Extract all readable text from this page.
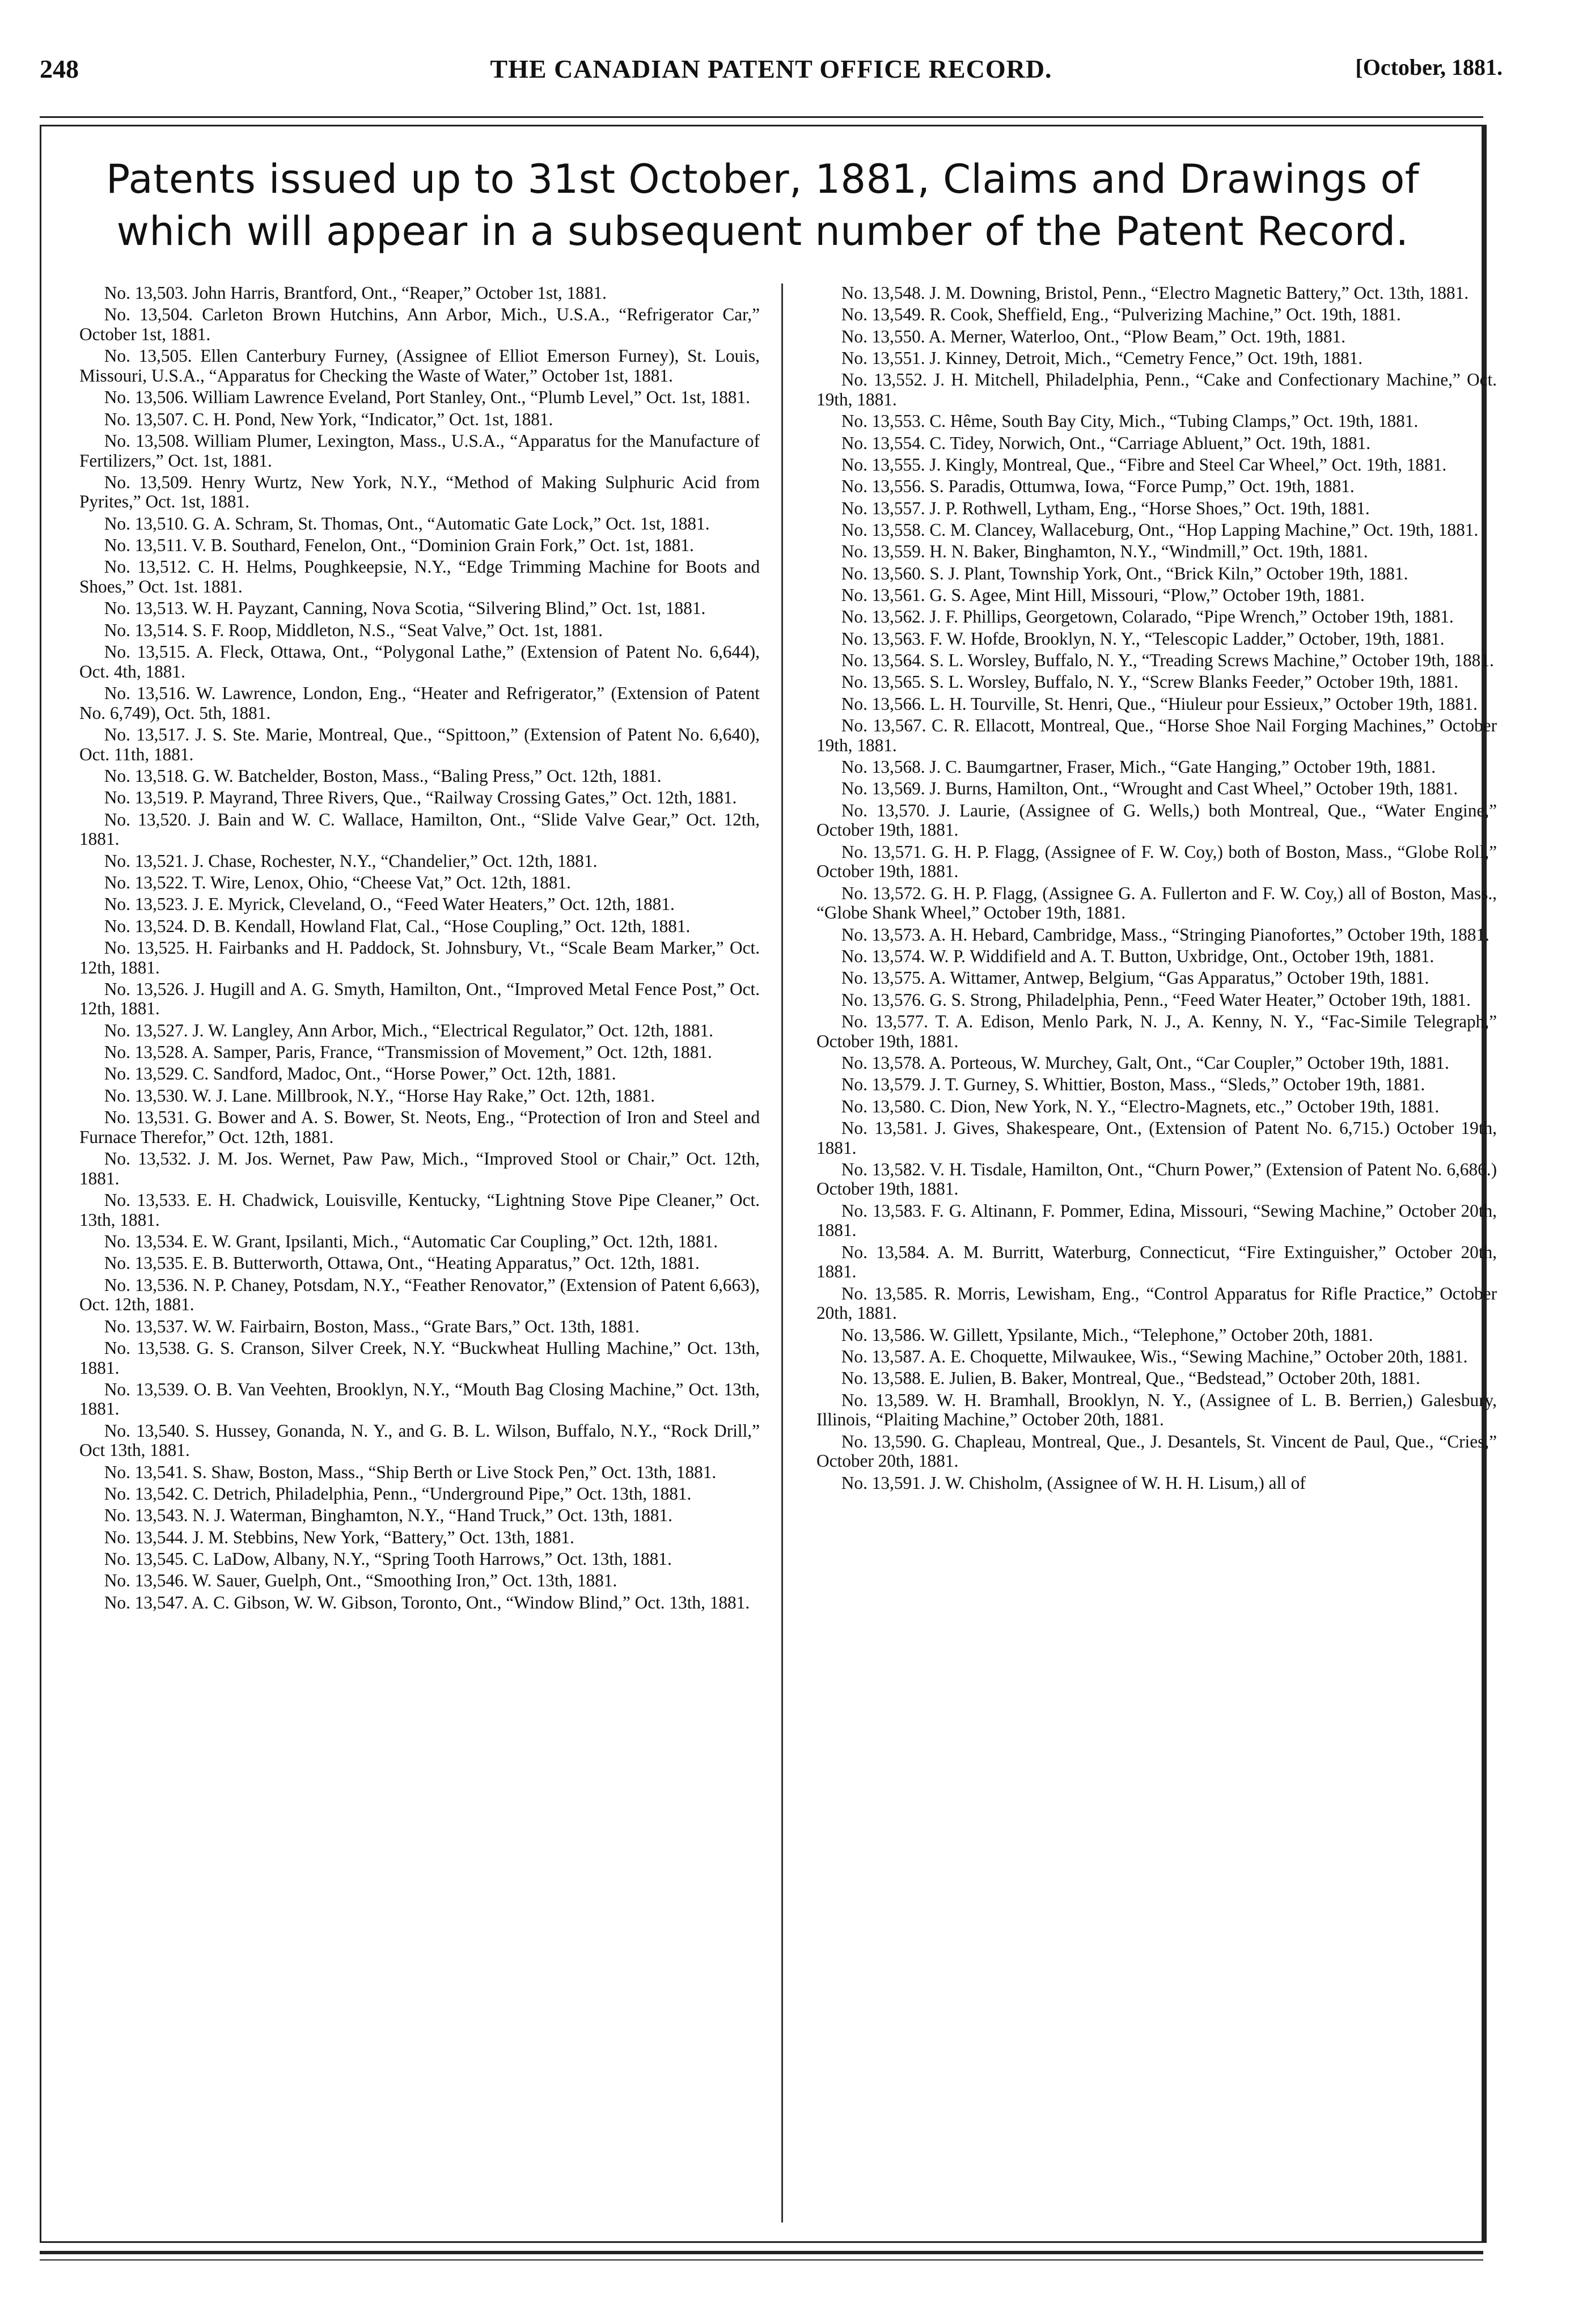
248	THE CANADIAN PATENT OFFICE RECORD.	[October, 1881.
Patents issued up to 31st October, 1881, Claims and Drawings of
which will appear in a subsequent number of the Patent Record.

No. 13,503. John Harris, Brantford, Ont., “Reaper,” October 1st, 1881.

No. 13,504. Carleton Brown Hutchins, Ann Arbor, Mich., U.S.A., “Refrigerator Car,” October 1st, 1881.

No. 13,505. Ellen Canterbury Furney, (Assignee of Elliot Emerson Furney), St. Louis, Missouri, U.S.A., “Apparatus for Checking the Waste of Water,” October 1st, 1881.

No. 13,506. William Lawrence Eveland, Port Stanley, Ont., “Plumb Level,” Oct. 1st, 1881.

No. 13,507. C. H. Pond, New York, “Indicator,” Oct. 1st, 1881.

No. 13,508. William Plumer, Lexington, Mass., U.S.A., “Apparatus for the Manufacture of Fertilizers,” Oct. 1st, 1881.

No. 13,509. Henry Wurtz, New York, N.Y., “Method of Making Sulphuric Acid from Pyrites,” Oct. 1st, 1881.

No. 13,510. G. A. Schram, St. Thomas, Ont., “Automatic Gate Lock,” Oct. 1st, 1881.

No. 13,511. V. B. Southard, Fenelon, Ont., “Dominion Grain Fork,” Oct. 1st, 1881.

No. 13,512. C. H. Helms, Poughkeepsie, N.Y., “Edge Trimming Machine for Boots and Shoes,” Oct. 1st. 1881.

No. 13,513. W. H. Payzant, Canning, Nova Scotia, “Silvering Blind,” Oct. 1st, 1881.

No. 13,514. S. F. Roop, Middleton, N.S., “Seat Valve,” Oct. 1st, 1881.

No. 13,515. A. Fleck, Ottawa, Ont., “Polygonal Lathe,” (Extension of Patent No. 6,644), Oct. 4th, 1881.

No. 13,516. W. Lawrence, London, Eng., “Heater and Refrigerator,” (Extension of Patent No. 6,749), Oct. 5th, 1881.

No. 13,517. J. S. Ste. Marie, Montreal, Que., “Spittoon,” (Extension of Patent No. 6,640), Oct. 11th, 1881.

No. 13,518. G. W. Batchelder, Boston, Mass., “Baling Press,” Oct. 12th, 1881.

No. 13,519. P. Mayrand, Three Rivers, Que., “Railway Crossing Gates,” Oct. 12th, 1881.

No. 13,520. J. Bain and W. C. Wallace, Hamilton, Ont., “Slide Valve Gear,” Oct. 12th, 1881.

No. 13,521. J. Chase, Rochester, N.Y., “Chandelier,” Oct. 12th, 1881.

No. 13,522. T. Wire, Lenox, Ohio, “Cheese Vat,” Oct. 12th, 1881.

No. 13,523. J. E. Myrick, Cleveland, O., “Feed Water Heaters,” Oct. 12th, 1881.

No. 13,524. D. B. Kendall, Howland Flat, Cal., “Hose Coupling,” Oct. 12th, 1881.

No. 13,525. H. Fairbanks and H. Paddock, St. Johnsbury, Vt., “Scale Beam Marker,” Oct. 12th, 1881.

No. 13,526. J. Hugill and A. G. Smyth, Hamilton, Ont., “Improved Metal Fence Post,” Oct. 12th, 1881.

No. 13,527. J. W. Langley, Ann Arbor, Mich., “Electrical Regulator,” Oct. 12th, 1881.

No. 13,528. A. Samper, Paris, France, “Transmission of Movement,” Oct. 12th, 1881.

No. 13,529. C. Sandford, Madoc, Ont., “Horse Power,” Oct. 12th, 1881.

No. 13,530. W. J. Lane. Millbrook, N.Y., “Horse Hay Rake,” Oct. 12th, 1881.

No. 13,531. G. Bower and A. S. Bower, St. Neots, Eng., “Protection of Iron and Steel and Furnace Therefor,” Oct. 12th, 1881.

No. 13,532. J. M. Jos. Wernet, Paw Paw, Mich., “Improved Stool or Chair,” Oct. 12th, 1881.

No. 13,533. E. H. Chadwick, Louisville, Kentucky, “Lightning Stove Pipe Cleaner,” Oct. 13th, 1881.

No. 13,534. E. W. Grant, Ipsilanti, Mich., “Automatic Car Coupling,” Oct. 12th, 1881.

No. 13,535. E. B. Butterworth, Ottawa, Ont., “Heating Apparatus,” Oct. 12th, 1881.

No. 13,536. N. P. Chaney, Potsdam, N.Y., “Feather Renovator,” (Extension of Patent 6,663), Oct. 12th, 1881.

No. 13,537. W. W. Fairbairn, Boston, Mass., “Grate Bars,” Oct. 13th, 1881.

No. 13,538. G. S. Cranson, Silver Creek, N.Y. “Buckwheat Hulling Machine,” Oct. 13th, 1881.

No. 13,539. O. B. Van Veehten, Brooklyn, N.Y., “Mouth Bag Closing Machine,” Oct. 13th, 1881.

No. 13,540. S. Hussey, Gonanda, N. Y., and G. B. L. Wilson, Buffalo, N.Y., “Rock Drill,” Oct 13th, 1881.

No. 13,541. S. Shaw, Boston, Mass., “Ship Berth or Live Stock Pen,” Oct. 13th, 1881.

No. 13,542. C. Detrich, Philadelphia, Penn., “Underground Pipe,” Oct. 13th, 1881.

No. 13,543. N. J. Waterman, Binghamton, N.Y., “Hand Truck,” Oct. 13th, 1881.

No. 13,544. J. M. Stebbins, New York, “Battery,” Oct. 13th, 1881.

No. 13,545. C. LaDow, Albany, N.Y., “Spring Tooth Harrows,” Oct. 13th, 1881.

No. 13,546. W. Sauer, Guelph, Ont., “Smoothing Iron,” Oct. 13th, 1881.

No. 13,547. A. C. Gibson, W. W. Gibson, Toronto, Ont., “Window Blind,” Oct. 13th, 1881.

No. 13,548. J. M. Downing, Bristol, Penn., “Electro Magnetic Battery,” Oct. 13th, 1881.

No. 13,549. R. Cook, Sheffield, Eng., “Pulverizing Machine,” Oct. 19th, 1881.

No. 13,550. A. Merner, Waterloo, Ont., “Plow Beam,” Oct. 19th, 1881.

No. 13,551. J. Kinney, Detroit, Mich., “Cemetry Fence,” Oct. 19th, 1881.

No. 13,552. J. H. Mitchell, Philadelphia, Penn., “Cake and Confectionary Machine,” Oct. 19th, 1881.

No. 13,553. C. Hême, South Bay City, Mich., “Tubing Clamps,” Oct. 19th, 1881.

No. 13,554. C. Tidey, Norwich, Ont., “Carriage Abluent,” Oct. 19th, 1881.

No. 13,555. J. Kingly, Montreal, Que., “Fibre and Steel Car Wheel,” Oct. 19th, 1881.

No. 13,556. S. Paradis, Ottumwa, Iowa, “Force Pump,” Oct. 19th, 1881.

No. 13,557. J. P. Rothwell, Lytham, Eng., “Horse Shoes,” Oct. 19th, 1881.

No. 13,558. C. M. Clancey, Wallaceburg, Ont., “Hop Lapping Machine,” Oct. 19th, 1881.

No. 13,559. H. N. Baker, Binghamton, N.Y., “Windmill,” Oct. 19th, 1881.

No. 13,560. S. J. Plant, Township York, Ont., “Brick Kiln,” October 19th, 1881.

No. 13,561. G. S. Agee, Mint Hill, Missouri, “Plow,” October 19th, 1881.

No. 13,562. J. F. Phillips, Georgetown, Colarado, “Pipe Wrench,” October 19th, 1881.

No. 13,563. F. W. Hofde, Brooklyn, N. Y., “Telescopic Ladder,” October, 19th, 1881.

No. 13,564. S. L. Worsley, Buffalo, N. Y., “Treading Screws Machine,” October 19th, 1881.

No. 13,565. S. L. Worsley, Buffalo, N. Y., “Screw Blanks Feeder,” October 19th, 1881.

No. 13,566. L. H. Tourville, St. Henri, Que., “Hiuleur pour Essieux,” October 19th, 1881.

No. 13,567. C. R. Ellacott, Montreal, Que., “Horse Shoe Nail Forging Machines,” October 19th, 1881.

No. 13,568. J. C. Baumgartner, Fraser, Mich., “Gate Hanging,” October 19th, 1881.

No. 13,569. J. Burns, Hamilton, Ont., “Wrought and Cast Wheel,” October 19th, 1881.

No. 13,570. J. Laurie, (Assignee of G. Wells,) both Montreal, Que., “Water Engine,” October 19th, 1881.

No. 13,571. G. H. P. Flagg, (Assignee of F. W. Coy,) both of Boston, Mass., “Globe Roll,” October 19th, 1881.

No. 13,572. G. H. P. Flagg, (Assignee G. A. Fullerton and F. W. Coy,) all of Boston, Mass., “Globe Shank Wheel,” October 19th, 1881.

No. 13,573. A. H. Hebard, Cambridge, Mass., “Stringing Pianofortes,” October 19th, 1881.

No. 13,574. W. P. Widdifield and A. T. Button, Uxbridge, Ont., October 19th, 1881.

No. 13,575. A. Wittamer, Antwep, Belgium, “Gas Apparatus,” October 19th, 1881.

No. 13,576. G. S. Strong, Philadelphia, Penn., “Feed Water Heater,” October 19th, 1881.

No. 13,577. T. A. Edison, Menlo Park, N. J., A. Kenny, N. Y., “Fac-Simile Telegraph,” October 19th, 1881.

No. 13,578. A. Porteous, W. Murchey, Galt, Ont., “Car Coupler,” October 19th, 1881.

No. 13,579. J. T. Gurney, S. Whittier, Boston, Mass., “Sleds,” October 19th, 1881.

No. 13,580. C. Dion, New York, N. Y., “Electro-Magnets, etc.,” October 19th, 1881.

No. 13,581. J. Gives, Shakespeare, Ont., (Extension of Patent No. 6,715.) October 19th, 1881.

No. 13,582. V. H. Tisdale, Hamilton, Ont., “Churn Power,” (Extension of Patent No. 6,686.) October 19th, 1881.

No. 13,583. F. G. Altinann, F. Pommer, Edina, Missouri, “Sewing Machine,” October 20th, 1881.

No. 13,584. A. M. Burritt, Waterburg, Connecticut, “Fire Extinguisher,” October 20th, 1881.

No. 13,585. R. Morris, Lewisham, Eng., “Control Apparatus for Rifle Practice,” October 20th, 1881.

No. 13,586. W. Gillett, Ypsilante, Mich., “Telephone,” October 20th, 1881.

No. 13,587. A. E. Choquette, Milwaukee, Wis., “Sewing Machine,” October 20th, 1881.

No. 13,588. E. Julien, B. Baker, Montreal, Que., “Bedstead,” October 20th, 1881.

No. 13,589. W. H. Bramhall, Brooklyn, N. Y., (Assignee of L. B. Berrien,) Galesbury, Illinois, “Plaiting Machine,” October 20th, 1881.

No. 13,590. G. Chapleau, Montreal, Que., J. Desantels, St. Vincent de Paul, Que., “Cries,” October 20th, 1881.

No. 13,591. J. W. Chisholm, (Assignee of W. H. H. Lisum,) all of
